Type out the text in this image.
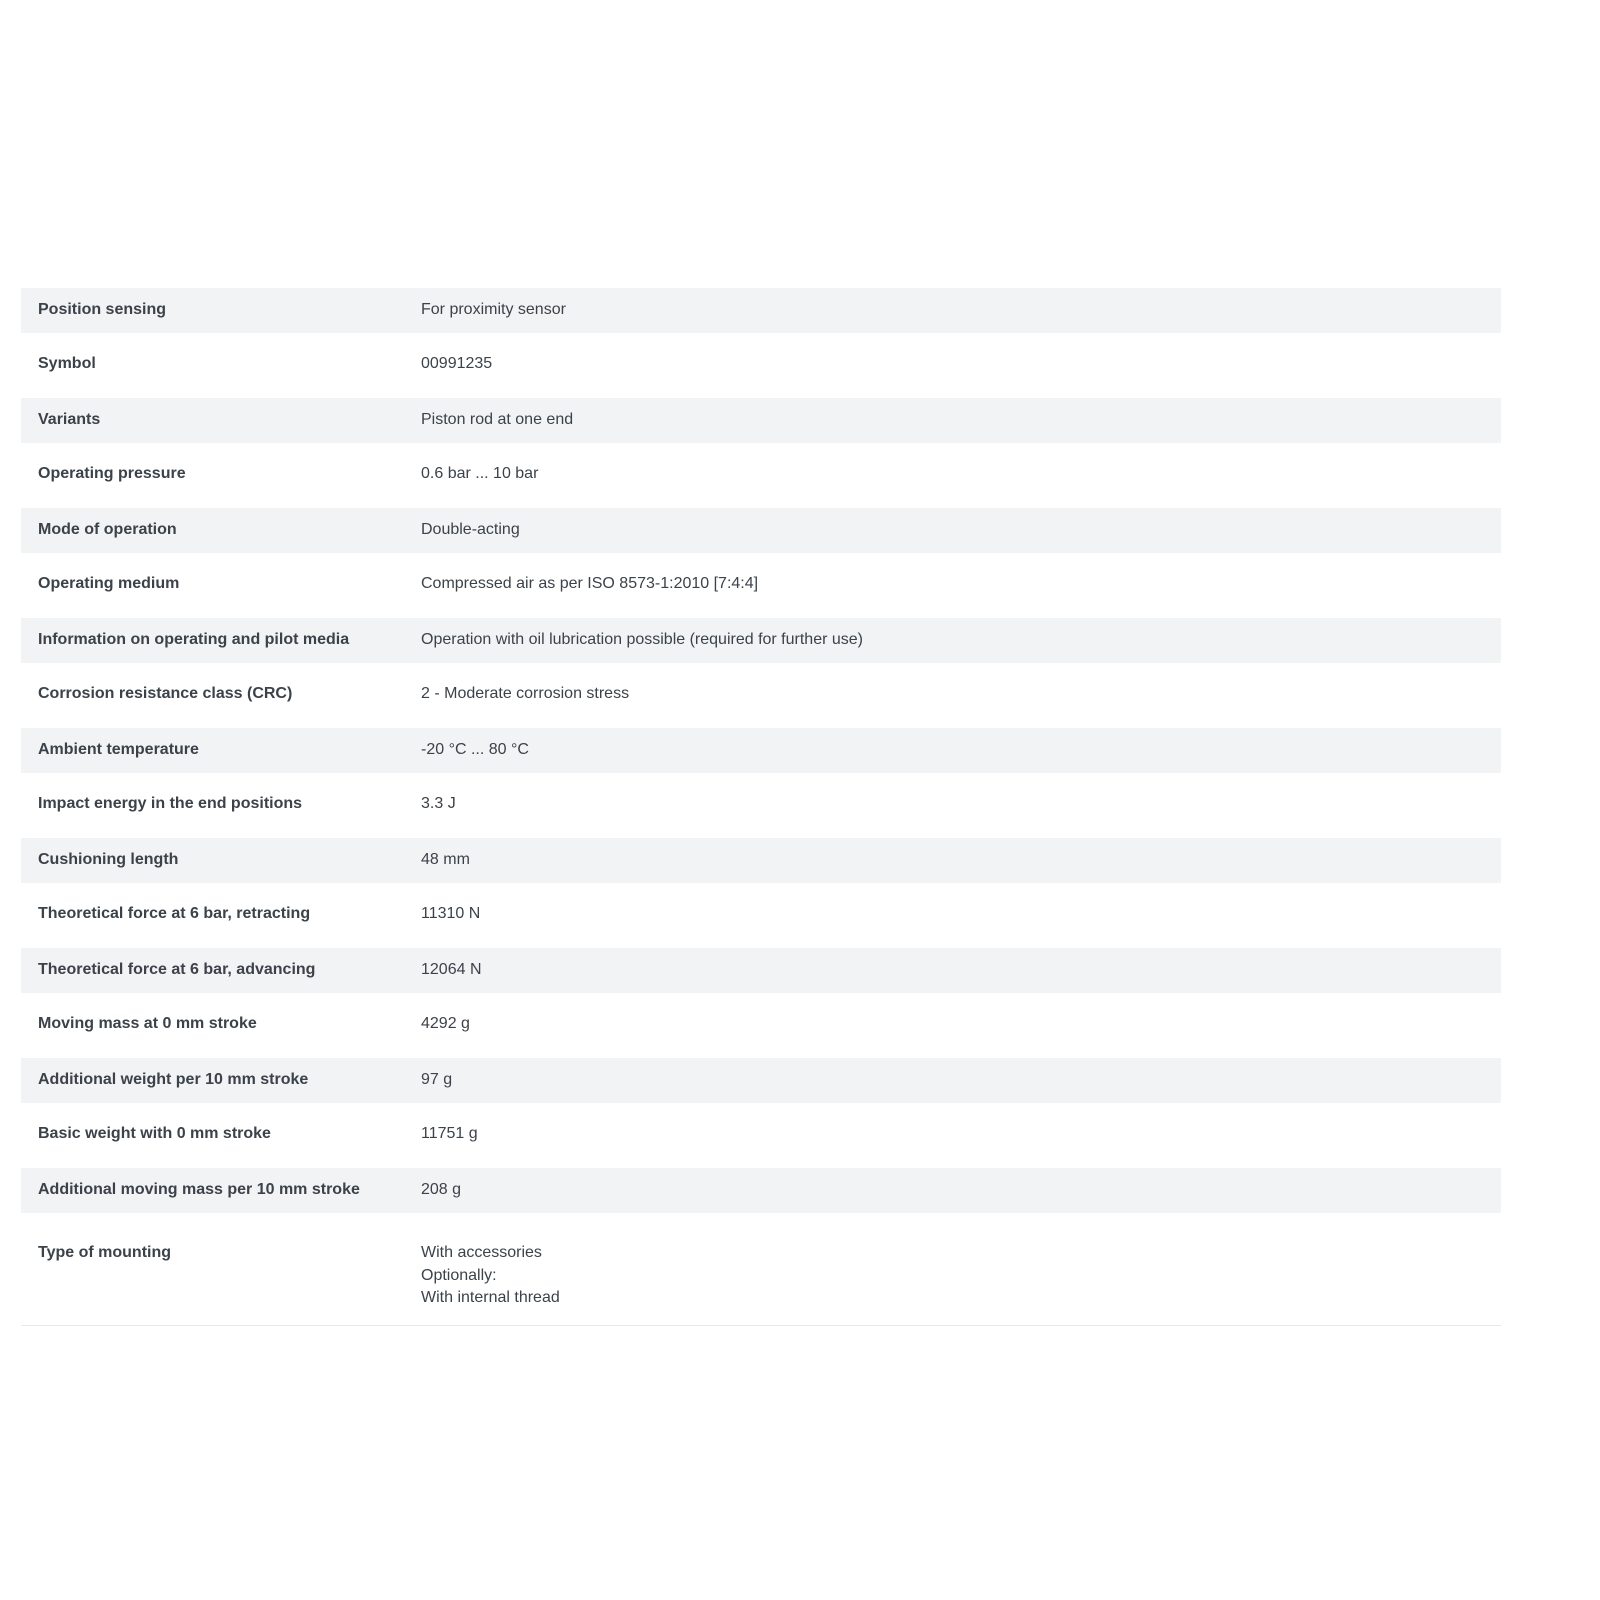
Position sensing	For proximity sensor
Symbol	00991235
Variants	Piston rod at one end
Operating pressure	0.6 bar ... 10 bar
Mode of operation	Double-acting
Operating medium	Compressed air as per ISO 8573-1:2010 [7:4:4]
Information on operating and pilot media	Operation with oil lubrication possible (required for further use)
Corrosion resistance class (CRC)	2 - Moderate corrosion stress
Ambient temperature	-20 °C ... 80 °C
Impact energy in the end positions	3.3 J
Cushioning length	48 mm
Theoretical force at 6 bar, retracting	11310 N
Theoretical force at 6 bar, advancing	12064 N
Moving mass at 0 mm stroke	4292 g
Additional weight per 10 mm stroke	97 g
Basic weight with 0 mm stroke	11751 g
Additional moving mass per 10 mm stroke	208 g
Type of mounting	With accessories
Optionally:
With internal thread
